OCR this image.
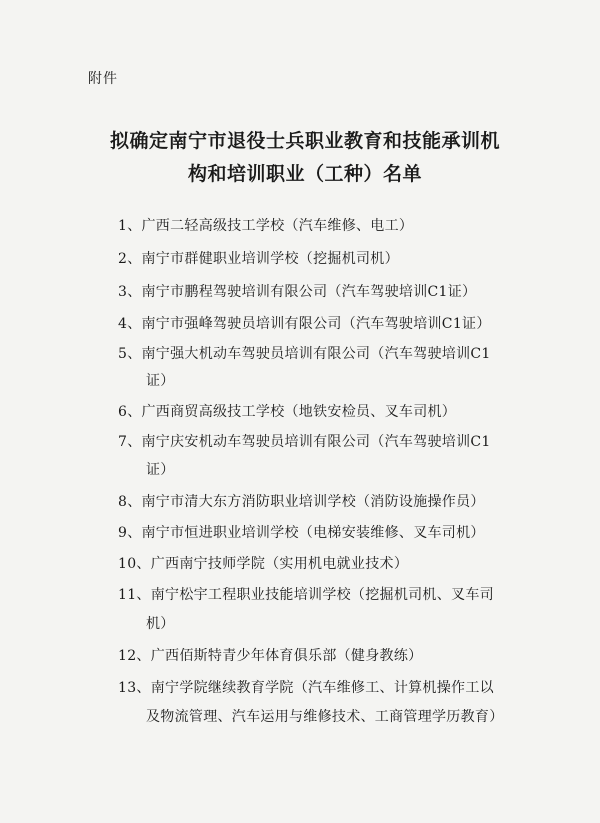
附件
拟确定南宁市退役士兵职业教育和技能承训机
构和培训职业（工种）名单
1、广西二轻高级技工学校（汽车维修、电工）
2、南宁市群健职业培训学校（挖掘机司机）
3、南宁市鹏程驾驶培训有限公司（汽车驾驶培训C1证）
4、南宁市强峰驾驶员培训有限公司（汽车驾驶培训C1证）
5、南宁强大机动车驾驶员培训有限公司（汽车驾驶培训C1
证）
6、广西商贸高级技工学校（地铁安检员、叉车司机）
7、南宁庆安机动车驾驶员培训有限公司（汽车驾驶培训C1
证）
8、南宁市清大东方消防职业培训学校（消防设施操作员）
9、南宁市恒进职业培训学校（电梯安装维修、叉车司机）
10、广西南宁技师学院（实用机电就业技术）
11、南宁松宇工程职业技能培训学校（挖掘机司机、叉车司
机）
12、广西佰斯特青少年体育俱乐部（健身教练）
13、南宁学院继续教育学院（汽车维修工、计算机操作工以
及物流管理、汽车运用与维修技术、工商管理学历教育）
